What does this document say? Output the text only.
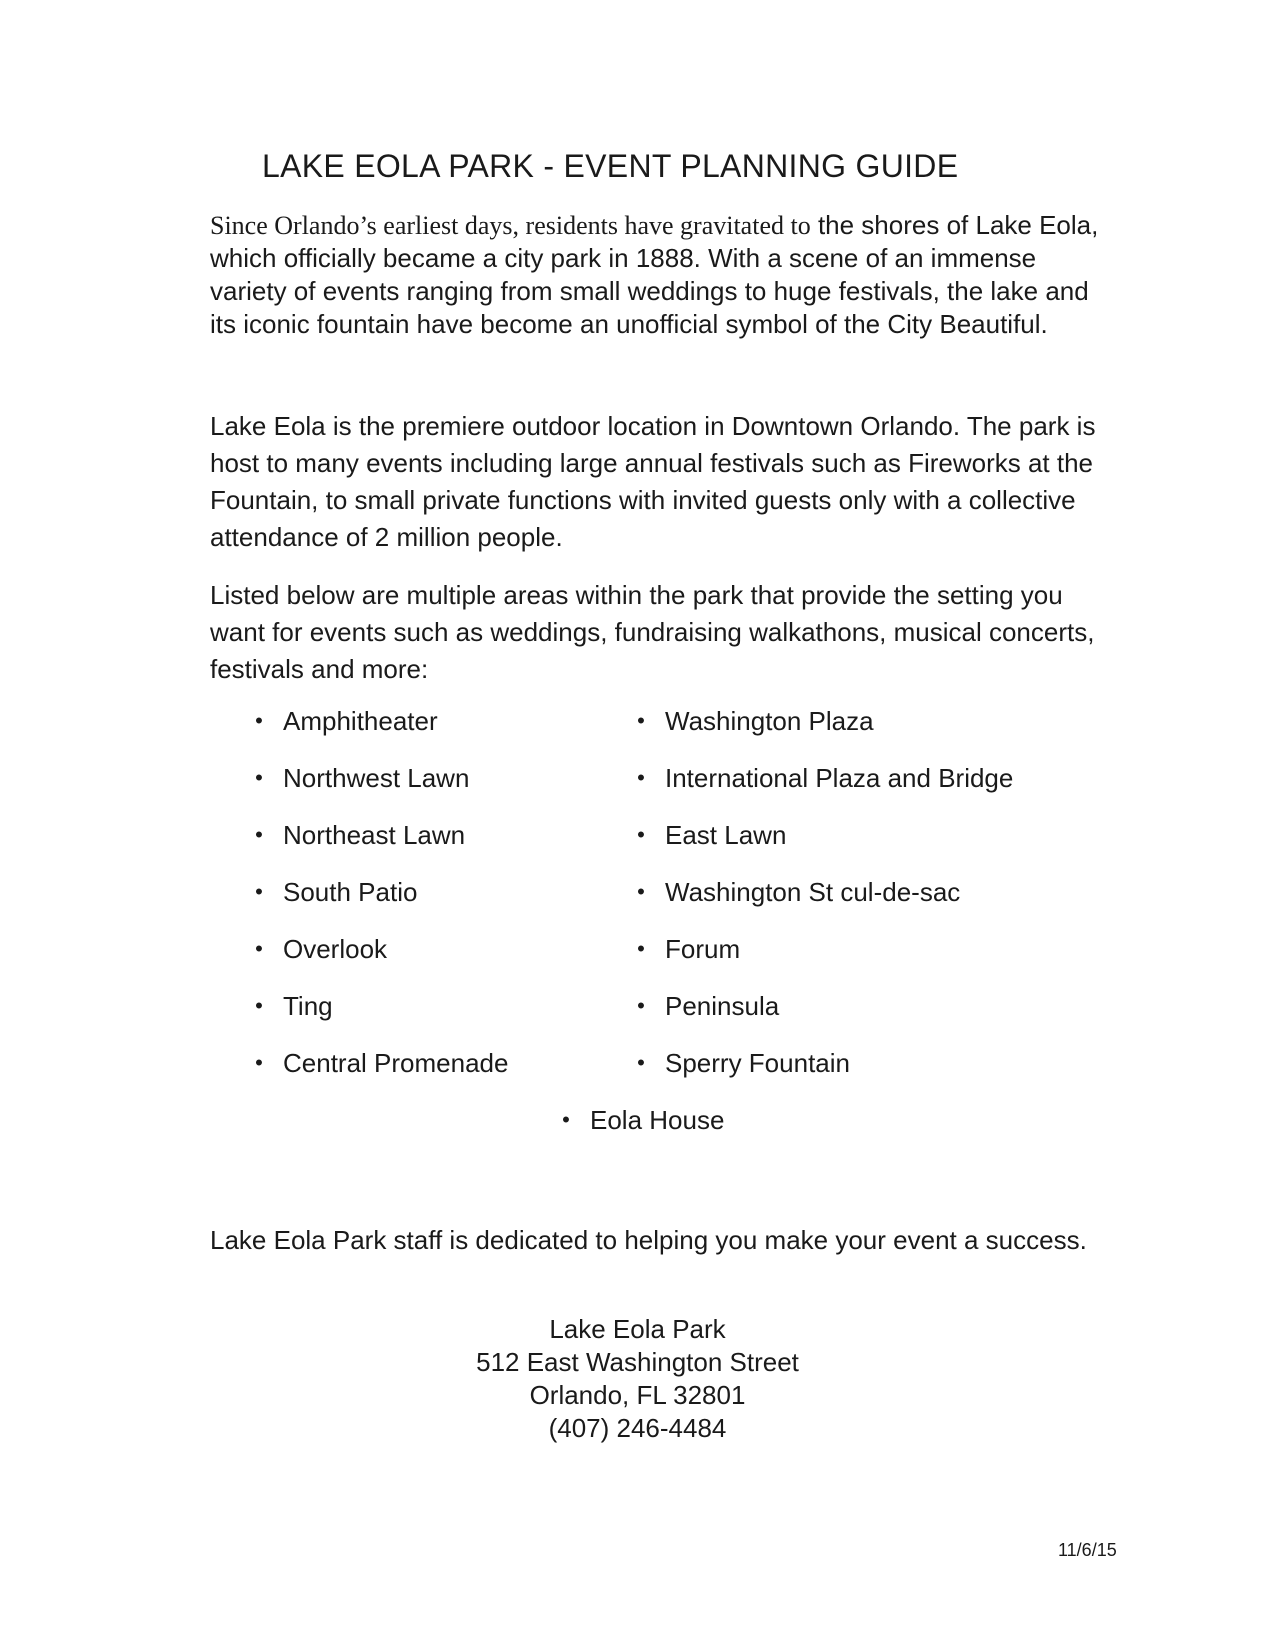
LAKE EOLA PARK - EVENT PLANNING GUIDE

Since Orlando’s earliest days, residents have gravitated to the shores of Lake Eola, which officially became a city park in 1888. With a scene of an immense variety of events ranging from small weddings to huge festivals, the lake and its iconic fountain have become an unofficial symbol of the City Beautiful.

Lake Eola is the premiere outdoor location in Downtown Orlando. The park is host to many events including large annual festivals such as Fireworks at the Fountain, to small private functions with invited guests only with a collective attendance of 2 million people.

Listed below are multiple areas within the park that provide the setting you want for events such as weddings, fundraising walkathons, musical concerts, festivals and more:

• Amphitheater
• Northwest Lawn
• Northeast Lawn
• South Patio
• Overlook
• Ting
• Central Promenade
• Washington Plaza
• International Plaza and Bridge
• East Lawn
• Washington St cul-de-sac
• Forum
• Peninsula
• Sperry Fountain
• Eola House
Lake Eola Park staff is dedicated to helping you make your event a success.
Lake Eola Park
512 East Washington Street
Orlando, FL 32801
(407) 246-4484
11/6/15
